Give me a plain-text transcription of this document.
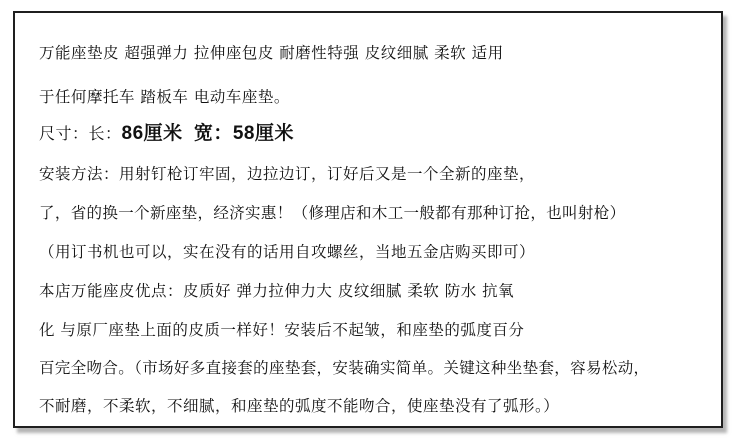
万能座垫皮 超强弹力 拉伸座包皮 耐磨性特强 皮纹细腻 柔软 适用
于任何摩托车 踏板车 电动车座垫。
尺寸：长：86厘米 宽：58厘米
安装方法：用射钉枪订牢固，边拉边订，订好后又是一个全新的座垫，
了，省的换一个新座垫，经济实惠！（修理店和木工一般都有那种订抢，也叫射枪）
（用订书机也可以，实在没有的话用自攻螺丝，当地五金店购买即可）
本店万能座皮优点：皮质好 弹力拉伸力大 皮纹细腻 柔软 防水 抗氧
化 与原厂座垫上面的皮质一样好！安装后不起皱，和座垫的弧度百分
百完全吻合。（市场好多直接套的座垫套，安装确实简单。关键这种坐垫套，容易松动，
不耐磨，不柔软，不细腻，和座垫的弧度不能吻合，使座垫没有了弧形。）
